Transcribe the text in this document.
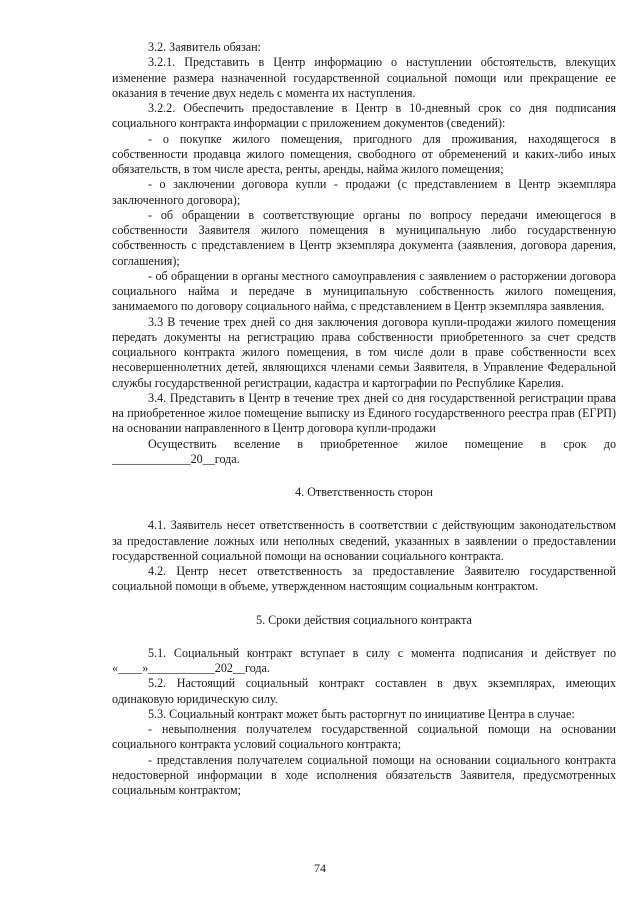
3.2. Заявитель обязан:

3.2.1. Представить в Центр информацию о наступлении обстоятельств, влекущих изменение размера назначенной государственной социальной помощи или прекращение ее оказания в течение двух недель с момента их наступления.

3.2.2. Обеспечить предоставление в Центр в 10-дневный срок со дня подписания социального контракта информации с приложением документов (сведений):

- о покупке жилого помещения, пригодного для проживания, находящегося в собственности продавца жилого помещения, свободного от обременений и каких-либо иных обязательств, в том числе ареста, ренты, аренды, найма жилого помещения;

- о заключении договора купли - продажи (с представлением в Центр экземпляра заключенного договора);

- об обращении в соответствующие органы по вопросу передачи имеющегося в собственности Заявителя жилого помещения в муниципальную либо государственную собственность с представлением в Центр экземпляра документа (заявления, договора дарения, соглашения);

- об обращении в органы местного самоуправления с заявлением о расторжении договора социального найма и передаче в муниципальную собственность жилого помещения, занимаемого по договору социального найма, с представлением в Центр экземпляра заявления.

3.3 В течение трех дней со дня заключения договора купли-продажи жилого помещения передать документы на регистрацию права собственности приобретенного за счет средств социального контракта жилого помещения, в том числе доли в праве собственности всех несовершеннолетних детей, являющихся членами семьи Заявителя, в Управление Федеральной службы государственной регистрации, кадастра и картографии по Республике Карелия.

3.4. Представить в Центр в течение трех дней со дня государственной регистрации права на приобретенное жилое помещение выписку из Единого государственного реестра прав (ЕГРП) на основании направленного в Центр договора купли-продажи

Осуществить вселение в приобретенное жилое помещение в срок до

_____________20__года.

4. Ответственность сторон

4.1. Заявитель несет ответственность в соответствии с действующим законодательством за предоставление ложных или неполных сведений, указанных в заявлении о предоставлении государственной социальной помощи на основании социального контракта.

4.2. Центр несет ответственность за предоставление Заявителю государственной социальной помощи в объеме, утвержденном настоящим социальным контрактом.

5. Сроки действия социального контракта

5.1. Социальный контракт вступает в силу с момента подписания и действует по «____»___________202__года.

5.2. Настоящий социальный контракт составлен в двух экземплярах, имеющих одинаковую юридическую силу.

5.3. Социальный контракт может быть расторгнут по инициативе Центра в случае:

- невыполнения получателем государственной социальной помощи на основании социального контракта условий социального контракта;

- представления получателем социальной помощи на основании социального контракта недостоверной информации в ходе исполнения обязательств Заявителя, предусмотренных социальным контрактом;

74
